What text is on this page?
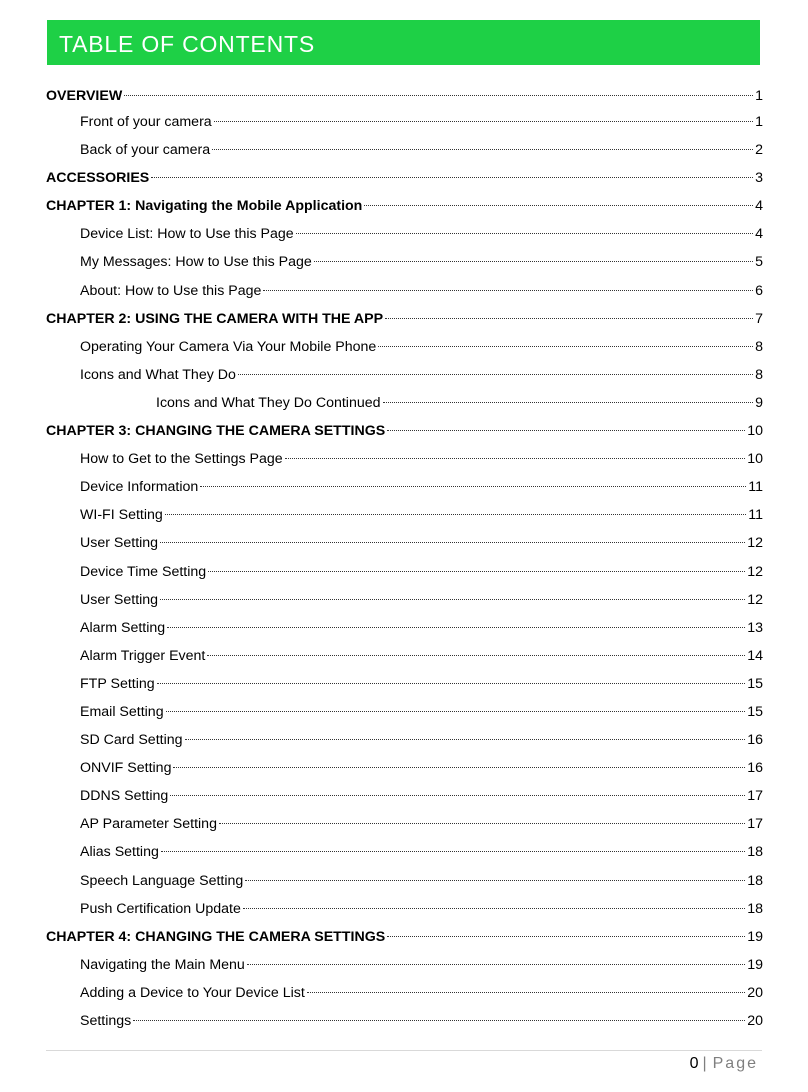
TABLE OF CONTENTS
OVERVIEW	1
Front of your camera	1
Back of your camera	2
ACCESSORIES	3
CHAPTER 1: Navigating the Mobile Application	4
Device List: How to Use this Page	4
My Messages: How to Use this Page	5
About: How to Use this Page	6
CHAPTER 2: USING THE CAMERA WITH THE APP	7
Operating Your Camera Via Your Mobile Phone	8
Icons and What They Do	8
Icons and What They Do Continued	9
CHAPTER 3: CHANGING THE CAMERA SETTINGS	10
How to Get to the Settings Page	10
Device Information	11
WI-FI Setting	11
User Setting	12
Device Time Setting	12
User Setting	12
Alarm Setting	13
Alarm Trigger Event	14
FTP Setting	15
Email Setting	15
SD Card Setting	16
ONVIF Setting	16
DDNS Setting	17
AP Parameter Setting	17
Alias Setting	18
Speech Language Setting	18
Push Certification Update	18
CHAPTER 4: CHANGING THE CAMERA SETTINGS	19
Navigating the Main Menu	19
Adding a Device to Your Device List	20
Settings	20
0 | Page
